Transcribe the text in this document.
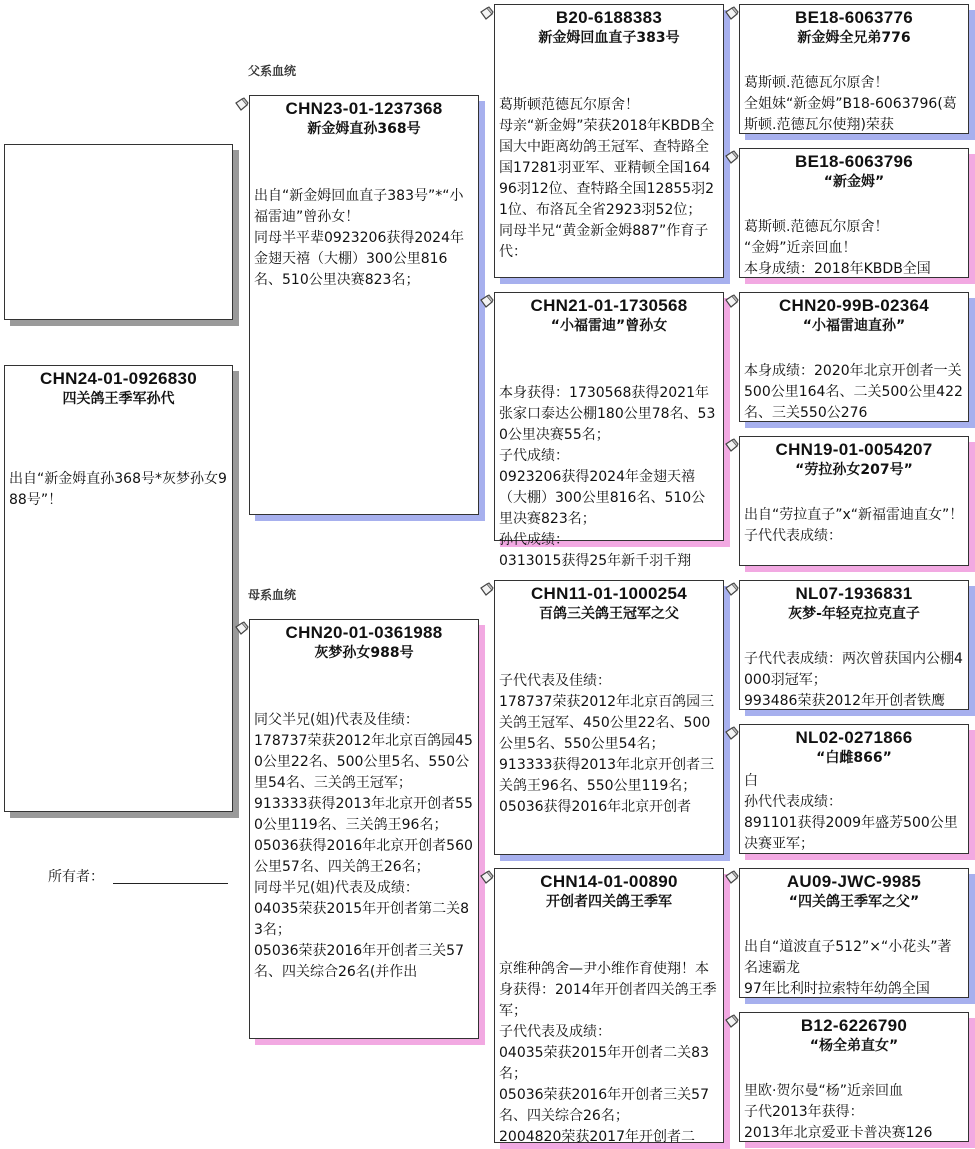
CHN24-01-0926830
四关鸽王季军孙代
出自“新金姆直孙368号*灰梦孙女988号”！
所有者：
父系血统
母系血统
CHN23-01-1237368
新金姆直孙368号
出自“新金姆回血直子383号”*“小福雷迪”曾孙女！
同母半平辈0923206获得2024年金翅天禧（大棚）300公里816名、510公里决赛823名；
CHN20-01-0361988
灰梦孙女988号
同父半兄(姐)代表及佳绩：
178737荣获2012年北京百鸽园450公里22名、500公里5名、550公里54名、三关鸽王冠军；
913333获得2013年北京开创者550公里119名、三关鸽王96名；
05036获得2016年北京开创者560公里57名、四关鸽王26名；
同母半兄(姐)代表及成绩：
04035荣获2015年开创者第二关83名；
05036荣获2016年开创者三关57名、四关综合26名(并作出
B20-6188383
新金姆回血直子383号
葛斯顿范德瓦尔原舍！
母亲“新金姆”荣获2018年KBDB全国大中距离幼鸽王冠军、查特路全国17281羽亚军、亚精顿全国16496羽12位、查特路全国12855羽21位、布洛瓦全省2923羽52位；
同母半兄“黄金新金姆887”作育子代：
CHN21-01-1730568
“小福雷迪”曾孙女
本身获得：1730568获得2021年张家口泰达公棚180公里78名、530公里决赛55名；
子代成绩：
0923206获得2024年金翅天禧（大棚）300公里816名、510公里决赛823名；
孙代成绩：
0313015获得25年新千羽千翔
CHN11-01-1000254
百鸽三关鸽王冠军之父
子代代表及佳绩：
178737荣获2012年北京百鸽园三关鸽王冠军、450公里22名、500公里5名、550公里54名；
913333获得2013年北京开创者三关鸽王96名、550公里119名；
05036获得2016年北京开创者
CHN14-01-00890
开创者四关鸽王季军
京维种鸽舍—尹小维作育使翔！本身获得：2014年开创者四关鸽王季军；
子代代表及成绩：
04035荣获2015年开创者二关83名；
05036荣获2016年开创者三关57名、四关综合26名；
2004820荣获2017年开创者二
BE18-6063776
新金姆全兄弟776
葛斯顿.范德瓦尔原舍！
全姐妹“新金姆”B18-6063796(葛斯顿.范德瓦尔使翔)荣获
BE18-6063796
“新金姆”
葛斯顿.范德瓦尔原舍！
“金姆”近亲回血！
本身成绩：2018年KBDB全国
CHN20-99B-02364
“小福雷迪直孙”
本身成绩：2020年北京开创者一关500公里164名、二关500公里422名、三关550公276
CHN19-01-0054207
“劳拉孙女207号”
出自“劳拉直子”x“新福雷迪直女”！
子代代表成绩：
NL07-1936831
灰梦-年轻克拉克直子
子代代表成绩：两次曾获国内公棚4000羽冠军；
993486荣获2012年开创者铁鹰
NL02-0271866
“白雌866”
白
孙代代表成绩：
891101获得2009年盛芳500公里决赛亚军；
AU09-JWC-9985
“四关鸽王季军之父”
出自“道波直子512”×“小花头”著名速霸龙
97年比利时拉索特年幼鸽全国
B12-6226790
“杨全弟直女”
里欧·贺尔曼“杨”近亲回血
子代2013年获得：
2013年北京爱亚卡普决赛126
